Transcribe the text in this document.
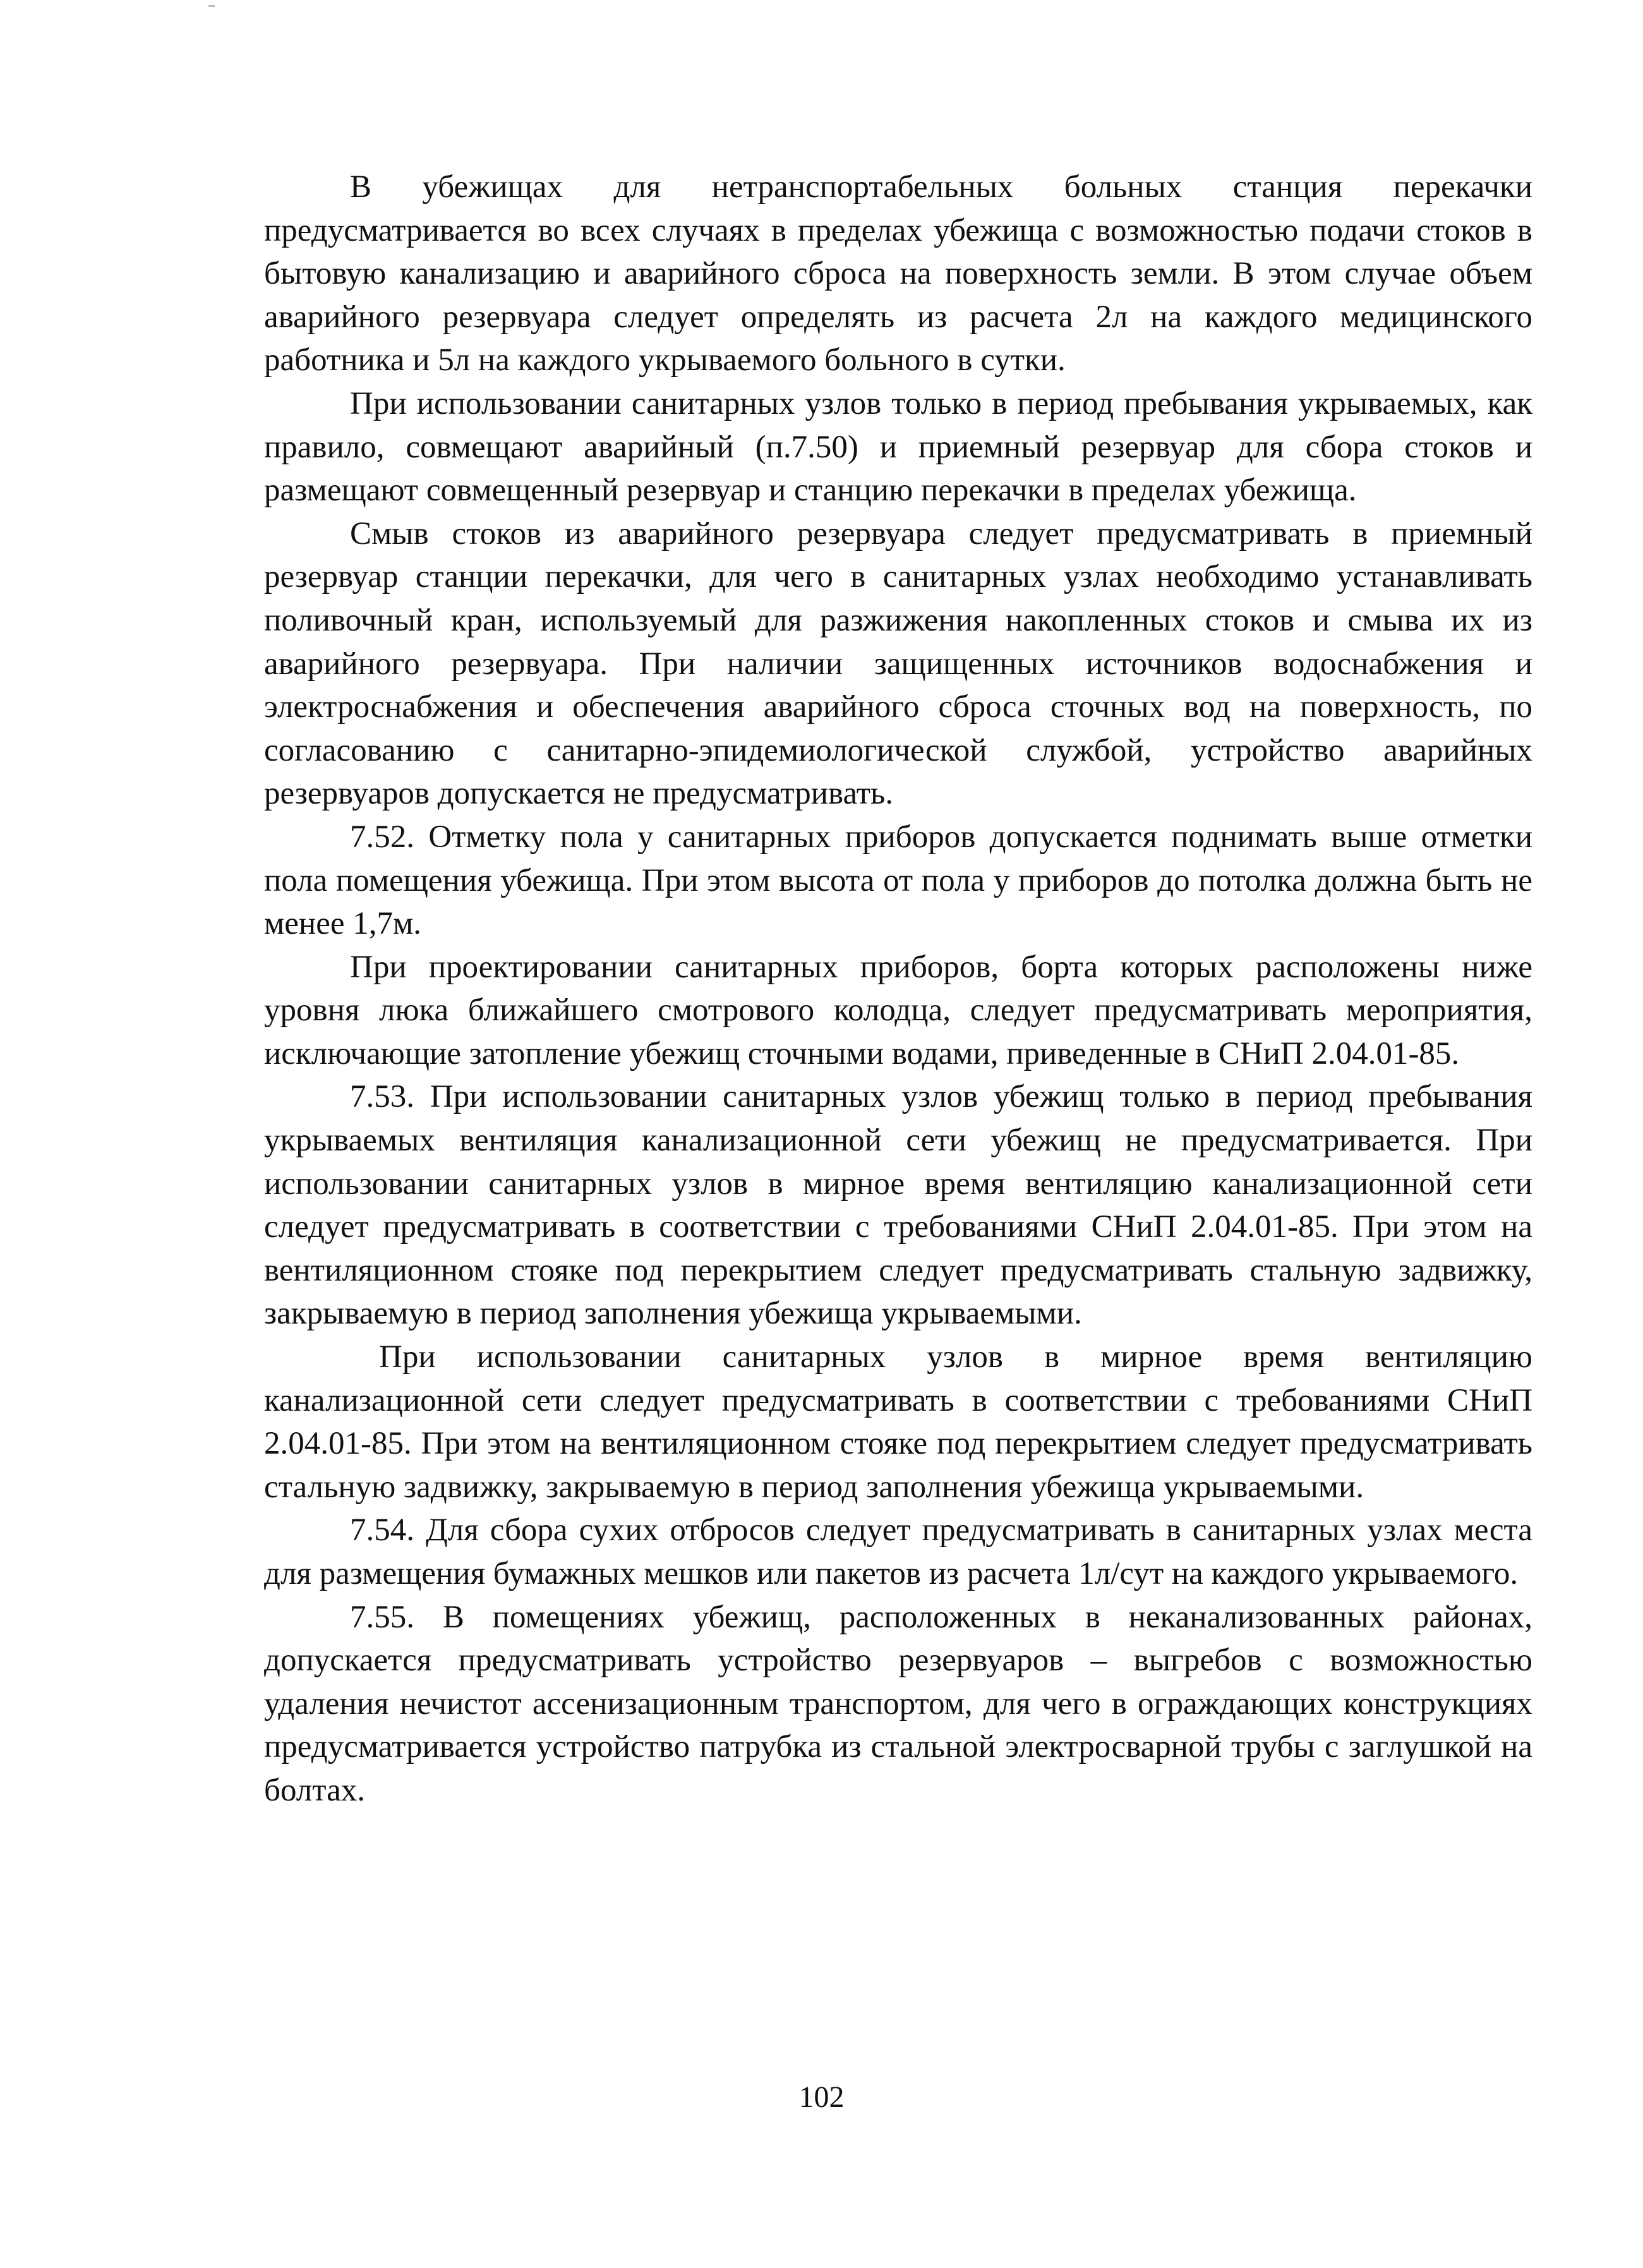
В убежищах для нетранспортабельных больных станция перекачки предусматривается во всех случаях в пределах убежища с возможностью подачи стоков в бытовую канализацию и аварийного сброса на поверхность земли. В этом случае объем аварийного резервуара следует определять из расчета 2л на каждого медицинского работника и 5л на каждого укрываемого больного в сутки.

При использовании санитарных узлов только в период пребывания укрываемых, как правило, совмещают аварийный (п.7.50) и приемный резервуар для сбора стоков и размещают совмещенный резервуар и станцию перекачки в пределах убежища.

Смыв стоков из аварийного резервуара следует предусматривать в приемный резервуар станции перекачки, для чего в санитарных узлах необходимо устанавливать поливочный кран, используемый для разжижения накопленных стоков и смыва их из аварийного резервуара. При наличии защищенных источников водоснабжения и электроснабжения и обеспечения аварийного сброса сточных вод на поверхность, по согласованию с санитарно-эпидемиологической службой, устройство аварийных резервуаров допускается не предусматривать.

7.52. Отметку пола у санитарных приборов допускается поднимать выше отметки пола помещения убежища. При этом высота от пола у приборов до потолка должна быть не менее 1,7м.

При проектировании санитарных приборов, борта которых расположены ниже уровня люка ближайшего смотрового колодца, следует предусматривать мероприятия, исключающие затопление убежищ сточными водами, приведенные в СНиП 2.04.01-85.

7.53. При использовании санитарных узлов убежищ только в период пребывания укрываемых вентиляция канализационной сети убежищ не предусматривается. При использовании санитарных узлов в мирное время вентиляцию канализационной сети следует предусматривать в соответствии с требованиями СНиП 2.04.01-85. При этом на вентиляционном стояке под перекрытием следует предусматривать стальную задвижку, закрываемую в период заполнения убежища укрываемыми.

При использовании санитарных узлов в мирное время вентиляцию канализационной сети следует предусматривать в соответствии с требованиями СНиП 2.04.01-85. При этом на вентиляционном стояке под перекрытием следует предусматривать стальную задвижку, закрываемую в период заполнения убежища укрываемыми.

7.54. Для сбора сухих отбросов следует предусматривать в санитарных узлах места для размещения бумажных мешков или пакетов из расчета 1л/сут на каждого укрываемого.

7.55. В помещениях убежищ, расположенных в неканализованных районах, допускается предусматривать устройство резервуаров – выгребов с возможностью удаления нечистот ассенизационным транспортом, для чего в ограждающих конструкциях предусматривается устройство патрубка из стальной электросварной трубы с заглушкой на болтах.

102
